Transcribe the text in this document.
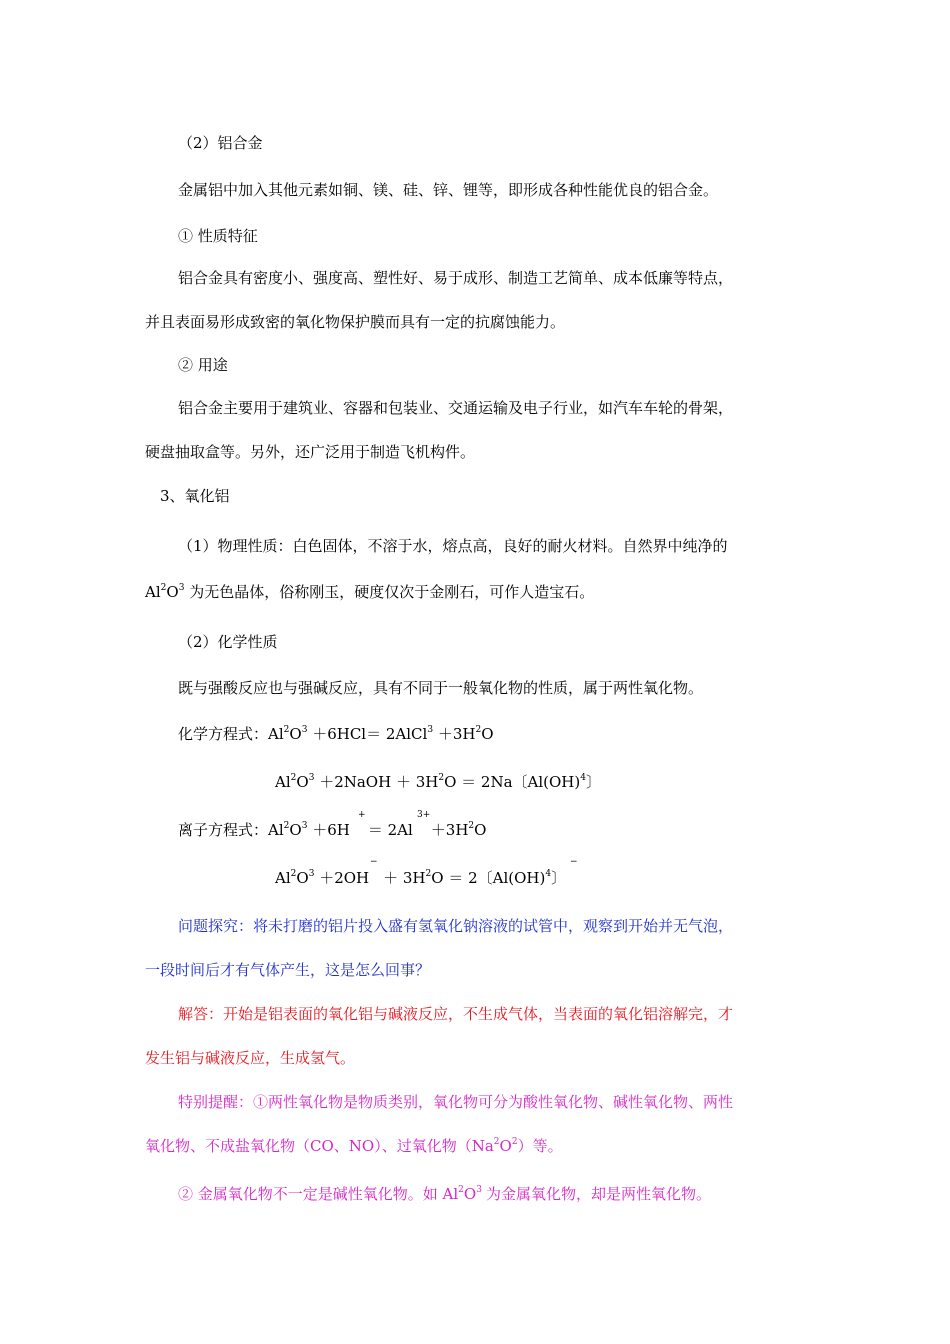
（2）铝合金
金属铝中加入其他元素如铜、镁、硅、锌、锂等，即形成各种性能优良的铝合金。
① 性质特征
铝合金具有密度小、强度高、塑性好、易于成形、制造工艺简单、成本低廉等特点，
并且表面易形成致密的氧化物保护膜而具有一定的抗腐蚀能力。
② 用途
铝合金主要用于建筑业、容器和包装业、交通运输及电子行业，如汽车车轮的骨架，
硬盘抽取盒等。另外，还广泛用于制造飞机构件。
3、氧化铝
（1）物理性质：白色固体，不溶于水，熔点高，良好的耐火材料。自然界中纯净的
$Al^2O^3$ 为无色晶体，俗称刚玉，硬度仅次于金刚石，可作人造宝石。
（2）化学性质
既与强酸反应也与强碱反应，具有不同于一般氧化物的性质，属于两性氧化物。
化学方程式：$Al^2O^3 +6HCl=$ 2AlCl$^3$ $+3H^2O$
$Al^2O^3$ ＋2NaOH ＋ $3H^2O = 2Na$〔Al(OH)$^4$〕
离子方程式：$Al^2O^3 +6H = 2Al +3H^2O$
+	3+
$Al^2O^3 +2OH + 3H^2O = 2$〔Al(OH)$^4$〕
−	−
问题探究：将未打磨的铝片投入盛有氢氧化钠溶液的试管中，观察到开始并无气泡，
一段时间后才有气体产生，这是怎么回事？
解答：开始是铝表面的氧化铝与碱液反应，不生成气体，当表面的氧化铝溶解完，才
发生铝与碱液反应，生成氢气。
特别提醒：①两性氧化物是物质类别，氧化物可分为酸性氧化物、碱性氧化物、两性
氧化物、不成盐氧化物（CO、NO）、过氧化物$(Na^2O^2)$等。
② 金属氧化物不一定是碱性氧化物。如 $Al^2O^3$ 为金属氧化物，却是两性氧化物。
